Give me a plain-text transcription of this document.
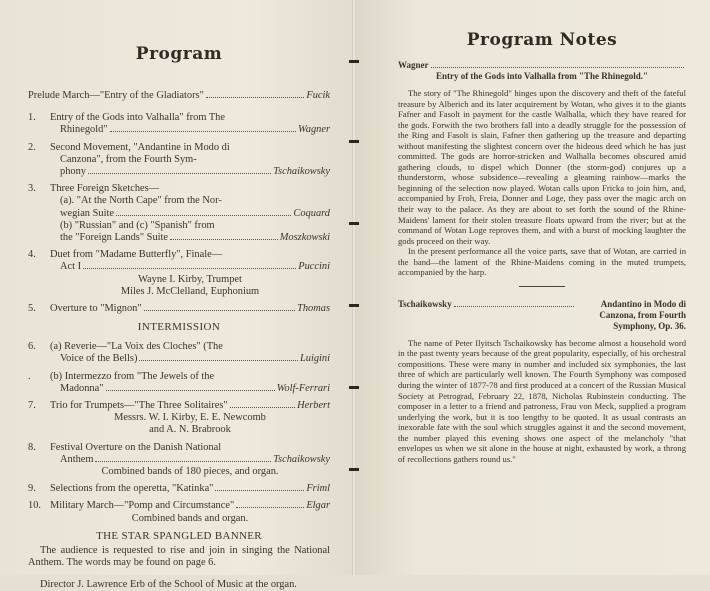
Program
Prelude March—"Entry of the Gladiators"	Fucik
1.	Entry of the Gods into Valhalla" from The
Rhinegold"	Wagner
2.	Second Movement, "Andantine in Modo di
Canzona", from the Fourth Sym-
phony	Tschaikowsky
3.	Three Foreign Sketches—
(a). "At the North Cape" from the Nor-
wegian Suite	Coquard
(b) "Russian" and (c) "Spanish" from
the "Foreign Lands" Suite	Moszkowski
4.	Duet from "Madame Butterfly", Finale—
Act I	Puccini
Wayne I. Kirby, Trumpet
Miles J. McClelland, Euphonium
5.	Overture to "Mignon"	Thomas
INTERMISSION
6.	(a) Reverie—"La Voix des Cloches" (The
Voice of the Bells)	Luigini
.	(b) Intermezzo from "The Jewels of the
Madonna"	Wolf-Ferrari
7.	Trio for Trumpets—"The Three Solitaires"	Herbert
Messrs. W. I. Kirby, E. E. Newcomb
and A. N. Brabrook
8.	Festival Overture on the Danish National
Anthem	Tschaikowsky
Combined bands of 180 pieces, and organ.
9.	Selections from the operetta, "Katinka"	Friml
10. Military March—"Pomp and Circumstance"	Elgar
Combined bands and organ.
THE STAR SPANGLED BANNER
The audience is requested to rise and join in singing the National Anthem. The words may be found on page 6.
Director J. Lawrence Erb of the School of Music at the organ.
Program Notes
Wagner
Entry of the Gods into Valhalla from "The Rhinegold."

The story of "The Rhinegold" hinges upon the discovery and theft of the fateful treasure by Alberich and its later acquirement by Wotan, who gives it to the giants Fafner and Fasolt in payment for the castle Walhalla, which they have reared for the gods. Forwith the two brothers fall into a deadly struggle for the possession of the Ring and Fasolt is slain, Fafner then gathering up the treasure and departing without manifesting the slightest concern over the hideous deed which he has just committed. The gods are horror-stricken and Walhalla becomes obscured amid gathering clouds, to dispel which Donner (the storm-god) conjures up a thunderstorm, whose subsidence—revealing a gleaming rainbow—marks the beginning of the selection now played. Wotan calls upon Fricka to join him, and, accompanied by Froh, Freia, Donner and Loge, they pass over the magic arch on their way to the palace. As they are about to set forth the sound of the Rhine-Maidens' lament for their stolen treasure floats upward from the river; but at the command of Wotan Loge reproves them, and with a burst of mocking laughter the gods proceed on their way.

In the present performance all the voice parts, save that of Wotan, are carried in the band—the lament of the Rhine-Maidens coming in the muted trumpets, accompanied by the harp.

Tschaikowsky	Andantino in Modo di Canzona, from Fourth Symphony, Op. 36.

The name of Peter Ilyitsch Tschaikowsky has become almost a household word in the past twenty years because of the great popularity, especially, of his orchestral compositions. These were many in number and included six symphonies, the last three of which are particularly well known. The Fourth Symphony was composed during the winter of 1877-78 and first produced at a concert of the Russian Musical Society at Petrograd, February 22, 1878, Nicholas Rubinstein conducting. The composer in a letter to a friend and patroness, Frau von Meck, supplied a program underlying the work, but it is too lengthy to be quoted. It as usual contrasts an inexorable fate with the soul which struggles against it and the second movement, the number played this evening shows one aspect of the melancholy "that envelopes us when we sit alone in the house at night, exhausted by work, a throng of recollections gathers round us."
